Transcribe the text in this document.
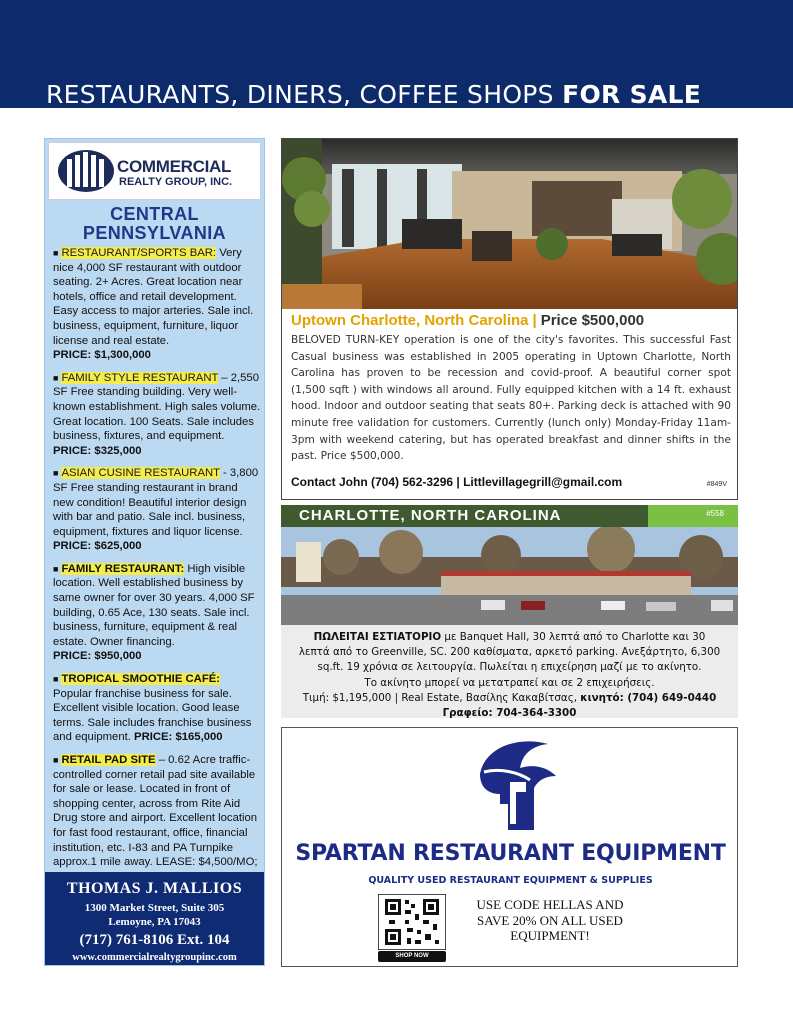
RESTAURANTS, DINERS, COFFEE SHOPS FOR SALE
COMMERCIAL
REALTY GROUP, INC.
CENTRAL
PENNSYLVANIA
■ RESTAURANT/SPORTS BAR: Very nice 4,000 SF restaurant with outdoor seating. 2+ Acres. Great location near hotels, office and retail development. Easy access to major arteries. Sale incl. business, equipment, furniture, liquor license and real estate.
PRICE: $1,300,000
■ FAMILY STYLE RESTAURANT – 2,550 SF Free standing building. Very well-known establishment. High sales volume. Great location. 100 Seats. Sale includes business, fixtures, and equipment. PRICE: $325,000
■ ASIAN CUSINE RESTAURANT - 3,800 SF Free standing restaurant in brand new condition! Beautiful interior design with bar and patio. Sale incl. business, equipment, fixtures and liquor license.
PRICE: $625,000
■ FAMILY RESTAURANT: High visible location. Well established business by same owner for over 30 years. 4,000 SF building, 0.65 Ace, 130 seats. Sale incl. business, furniture, equipment & real estate. Owner financing.
PRICE: $950,000
■ TROPICAL SMOOTHIE CAFÉ: Popular franchise business for sale. Excellent visible location. Good lease terms. Sale includes franchise business and equipment. PRICE: $165,000
■ RETAIL PAD SITE – 0.62 Acre traffic-controlled corner retail pad site available for sale or lease. Located in front of shopping center, across from Rite Aid Drug store and airport. Excellent location for fast food restaurant, office, financial institution, etc. I-83 and PA Turnpike approx.1 mile away. LEASE: $4,500/MO;

THOMAS J. MALLIOS
1300 Market Street, Suite 305
Lemoyne, PA 17043
(717) 761-8106 Ext. 104
www.commercialrealtygroupinc.com
Uptown Charlotte, North Carolina | Price $500,000
BELOVED TURN-KEY operation is one of the city's favorites. This successful Fast Casual business was established in 2005 operating in Uptown Charlotte, North Carolina has proven to be recession and covid-proof. A beautiful corner spot (1,500 sqft ) with windows all around. Fully equipped kitchen with a 14 ft. exhaust hood. Indoor and outdoor seating that seats 80+. Parking deck is attached with 90 minute free validation for customers. Currently (lunch only) Monday-Friday 11am-3pm with weekend catering, but has operated breakfast and dinner shifts in the past. Price $500,000.
Contact John (704) 562-3296 | Littlevillagegrill@gmail.com	#849V
CHARLOTTE, NORTH CAROLINA	#558
ΠΩΛΕΙΤΑΙ ΕΣΤΙΑΤΟΡΙΟ με Banquet Hall, 30 λεπτά από το Charlotte και 30
λεπτά από το Greenville, SC. 200 καθίσματα, αρκετό parking. Ανεξάρτητο, 6,300
sq.ft. 19 χρόνια σε λειτουργία. Πωλείται η επιχείρηση μαζί με το ακίνητο.
Το ακίνητο μπορεί να μετατραπεί και σε 2 επιχειρήσεις.
Τιμή: $1,195,000 | Real Estate, Βασίλης Κακαβίτσας, κινητό: (704) 649-0440
Γραφείο: 704-364-3300
SPARTAN RESTAURANT EQUIPMENT
QUALITY USED RESTAURANT EQUIPMENT & SUPPLIES
SHOP NOW
USE CODE HELLAS AND
SAVE 20% ON ALL USED
EQUIPMENT!
